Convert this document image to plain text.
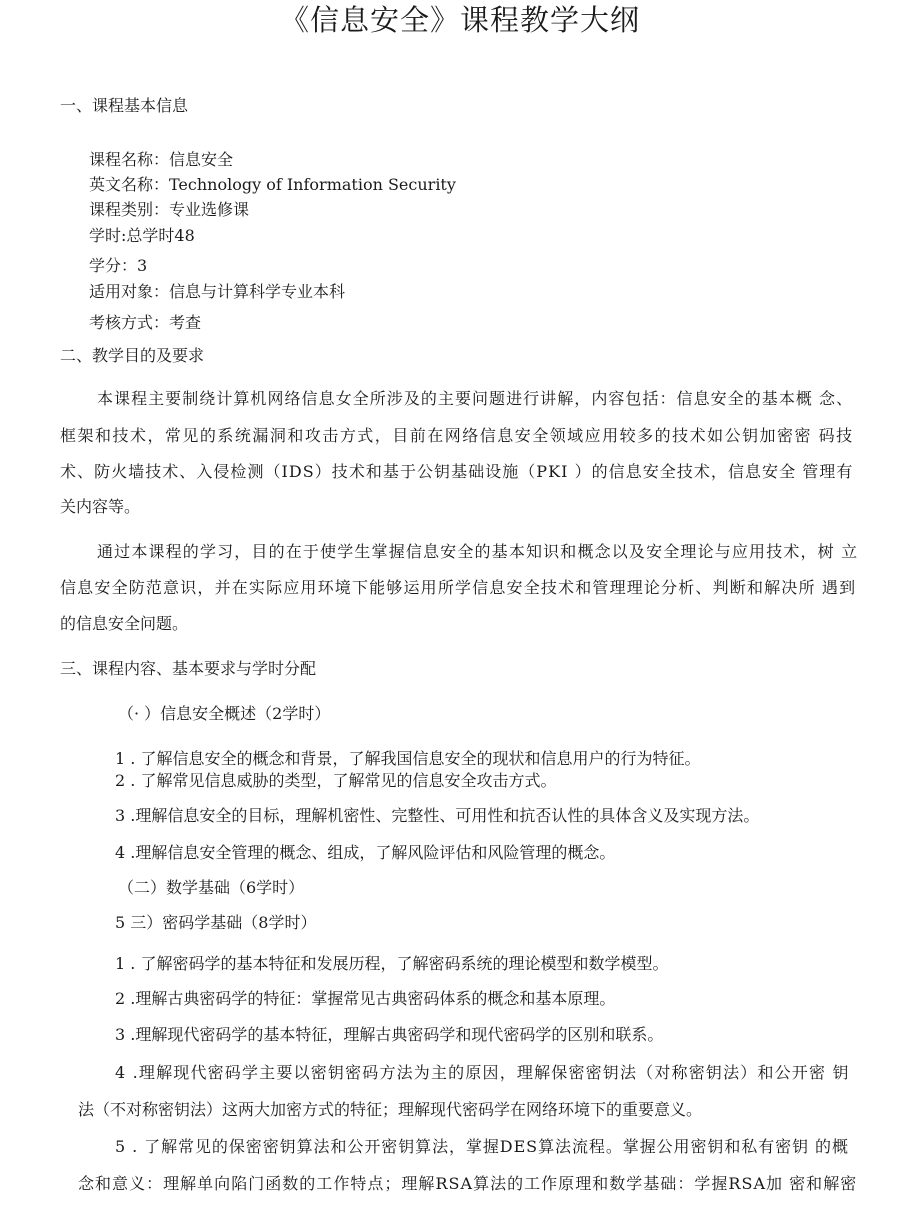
《信息安全》课程教学大纲
一、课程基本信息
课程名称：信息安全
英文名称：Technology of Information Security
课程类别：专业选修课
学时:总学时48
学分：3
适用对象：信息与计算科学专业本科
考核方式：考查
二、教学目的及要求
本课程主要制绕计算机网络信息女全所涉及的主要问题进行讲解，内容包括：信息安全的基本概 念、
框架和技术，常见的系统漏洞和攻击方式，目前在网络信息安全领域应用较多的技术如公钥加密密 码技
术、防火墙技术、入侵检测（IDS）技术和基于公钥基础设施（PKI ）的信息安全技术，信息安全 管理有
关内容等。
通过本课程的学习，目的在于使学生掌握信息安全的基本知识和概念以及安全理论与应用技术，树 立
信息安全防范意识，并在实际应用环境下能够运用所学信息安全技术和管理理论分析、判断和解决所 遇到
的信息安全问题。
三、课程内容、基本要求与学时分配
（· ）信息安全概述（2学时）
1 . 了解信息安全的概念和背景，了解我国信息安全的现状和信息用户的行为特征。
2 . 了解常见信息威胁的类型，了解常见的信息安全攻击方式。
3 .理解信息安全的目标，理解机密性、完整性、可用性和抗否认性的具体含义及实现方法。
4 .理解信息安全管理的概念、组成，了解风险评估和风险管理的概念。
（二）数学基础（6学时）
5 三）密码学基础（8学时）
1 . 了解密码学的基本特征和发展历程，了解密码系统的理论模型和数学模型。
2 .理解古典密码学的特征：掌握常见古典密码体系的概念和基本原理。
3 .理解现代密码学的基本特征，理解古典密码学和现代密码学的区别和联系。
4 .理解现代密码学主要以密钥密码方法为主的原因，理解保密密钥法（对称密钥法）和公开密 钥
法（不对称密钥法）这两大加密方式的特征；理解现代密码学在网络环境下的重要意义。
5 . 了解常见的保密密钥算法和公开密钥算法，掌握DES算法流程。掌握公用密钥和私有密钥 的概
念和意义：理解单向陷门函数的工作特点；理解RSA算法的工作原理和数学基础：学握RSA加 密和解密
